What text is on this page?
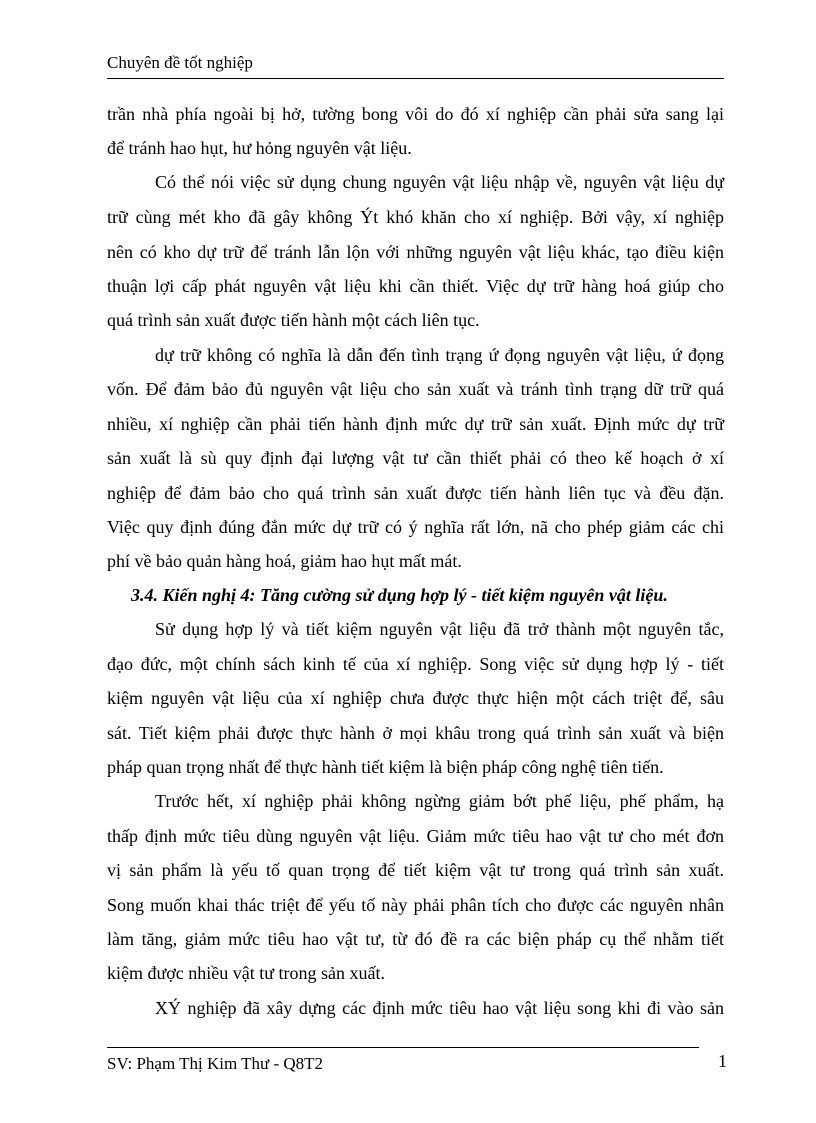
Chuyên đề tốt nghiệp
trần nhà phía ngoài bị hở, tường bong vôi do đó xí nghiệp cần phải sửa sang lại
để tránh hao hụt, hư hỏng nguyên vật liệu.
Có thể nói việc sử dụng chung nguyên vật liệu nhập về, nguyên vật liệu dự
trữ cùng mét kho đã gây không Ýt khó khăn cho xí nghiệp. Bởi vậy, xí nghiệp
nên có kho dự trữ để tránh lẫn lộn với những nguyên vật liệu khác, tạo điều kiện
thuận lợi cấp phát nguyên vật liệu khi cần thiết. Việc dự trữ hàng hoá giúp cho
quá trình sản xuất được tiến hành một cách liên tục.
dự trữ không có nghĩa là dẫn đến tình trạng ứ đọng nguyên vật liệu, ứ đọng
vốn. Để đảm bảo đủ nguyên vật liệu cho sản xuất và tránh tình trạng dữ trữ quá
nhiều, xí nghiệp cần phải tiến hành định mức dự trữ sản xuất. Định mức dự trữ
sản xuất là sù quy định đại lượng vật tư cần thiết phải có theo kế hoạch ở xí
nghiệp để đảm bảo cho quá trình sản xuất được tiến hành liên tục và đều đặn.
Việc quy định đúng đắn mức dự trữ có ý nghĩa rất lớn, nã cho phép giảm các chi
phí về bảo quản hàng hoá, giảm hao hụt mất mát.
3.4. Kiến nghị 4: Tăng cường sử dụng hợp lý - tiết kiệm nguyên vật liệu.
Sử dụng hợp lý và tiết kiệm nguyên vật liệu đã trở thành một nguyên tắc,
đạo đức, một chính sách kinh tế của xí nghiệp. Song việc sử dụng hợp lý - tiết
kiệm nguyên vật liệu của xí nghiệp chưa được thực hiện một cách triệt để, sâu
sát. Tiết kiệm phải được thực hành ở mọi khâu trong quá trình sản xuất và biện
pháp quan trọng nhất để thực hành tiết kiệm là biện pháp công nghệ tiên tiến.
Trước hết, xí nghiệp phải không ngừng giảm bớt phế liệu, phế phẩm, hạ
thấp định mức tiêu dùng nguyên vật liệu. Giảm mức tiêu hao vật tư cho mét đơn
vị sản phẩm là yếu tố quan trọng để tiết kiệm vật tư trong quá trình sản xuất.
Song muốn khai thác triệt để yếu tố này phải phân tích cho được các nguyên nhân
làm tăng, giảm mức tiêu hao vật tư, từ đó đề ra các biện pháp cụ thể nhằm tiết
kiệm được nhiều vật tư trong sản xuất.
XÝ nghiệp đã xây dựng các định mức tiêu hao vật liệu song khi đi vào sản
SV: Phạm Thị Kim Thư - Q8T2	1
